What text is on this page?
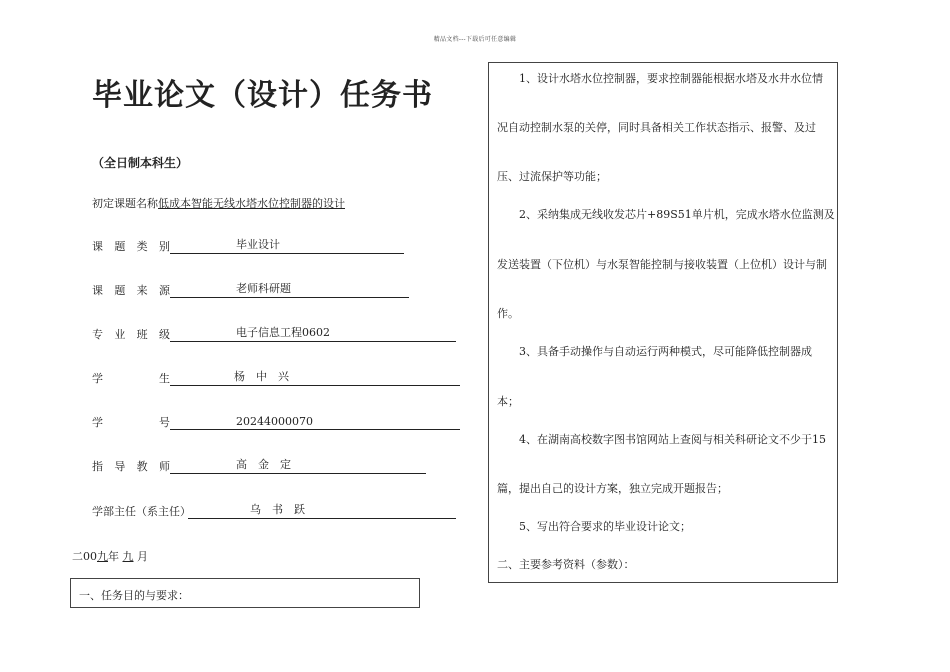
精品文档---下载后可任意编辑
毕业论文（设计）任务书
（全日制本科生）
初定课题名称低成本智能无线水塔水位控制器的设计
课 题 类 别	毕业设计
课 题 来 源	老师科研题
专 业 班 级	电子信息工程0602
学 生	杨　中　兴
学 号	20244000070
指 导 教 师	高　金　定
学部主任（系主任）	乌　书　跃
二00九年 九 月
一、任务目的与要求：
1、设计水塔水位控制器，要求控制器能根据水塔及水井水位情
况自动控制水泵的关停，同时具备相关工作状态指示、报警、及过
压、过流保护等功能；
2、采纳集成无线收发芯片+89S51单片机，完成水塔水位监测及
发送装置（下位机）与水泵智能控制与接收装置（上位机）设计与制
作。
3、具备手动操作与自动运行两种模式，尽可能降低控制器成
本；
4、在湖南高校数字图书馆网站上查阅与相关科研论文不少于15
篇，提出自己的设计方案，独立完成开题报告；
5、写出符合要求的毕业设计论文；
二、主要参考资料（参数）：
